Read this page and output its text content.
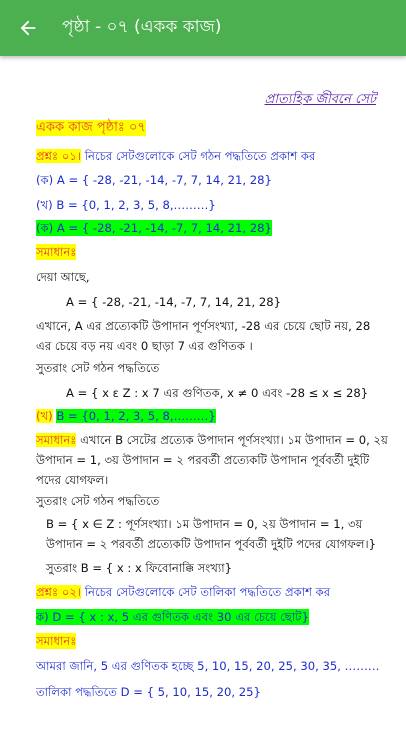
পৃষ্ঠা - ০৭ (একক কাজ)
প্রাত্যহিক জীবনে সেট
একক কাজ পৃষ্ঠাঃ ০৭
প্রশ্নঃ ০১। নিচের সেটগুলোকে সেট গঠন পদ্ধতিতে প্রকাশ কর
(ক) A = { -28, -21, -14, -7, 7, 14, 21, 28}
(খ) B = {0, 1, 2, 3, 5, 8,………}
(ক) A = { -28, -21, -14, -7, 7, 14, 21, 28}
সমাধানঃ
দেয়া আছে,
A = { -28, -21, -14, -7, 7, 14, 21, 28}
এখানে, A এর প্রত্যেকটি উপাদান পূর্ণসংখ্যা, -28 এর চেয়ে ছোট নয়, 28 এর চেয়ে বড় নয় এবং 0 ছাড়া 7 এর গুণিতক ।
সুতরাং সেট গঠন পদ্ধতিতে
A = { x ε Z : x 7 এর গুণিতক, x ≠ 0 এবং -28 ≤ x ≤ 28}
(খ) B = {0, 1, 2, 3, 5, 8,………}
সমাধানঃ এখানে B সেটের প্রত্যেক উপাদান পূর্ণসংখ্যা। ১ম উপাদান = 0, ২য় উপাদান = 1, ৩য় উপাদান = ২ পরবর্তী প্রত্যেকটি উপাদান পূর্ববর্তী দুইটি পদের যোগফল।
সুতরাং সেট গঠন পদ্ধতিতে
B = { x ∈ Z : পূর্ণসংখ্যা। ১ম উপাদান = 0, ২য় উপাদান = 1, ৩য় উপাদান = ২ পরবর্তী প্রত্যেকটি উপাদান পূর্ববর্তী দুইটি পদের যোগফল।}
সুতরাং B = { x : x ফিবোনাক্কি সংখ্যা}
প্রশ্নঃ ০২। নিচের সেটগুলোকে সেট তালিকা পদ্ধতিতে প্রকাশ কর
ক) D = { x : x, 5 এর গুণিতক এবং 30 এর চেয়ে ছোট}
সমাধানঃ
আমরা জানি, 5 এর গুণিতক হচ্ছে 5, 10, 15, 20, 25, 30, 35, ………
তালিকা পদ্ধতিতে D = { 5, 10, 15, 20, 25}
